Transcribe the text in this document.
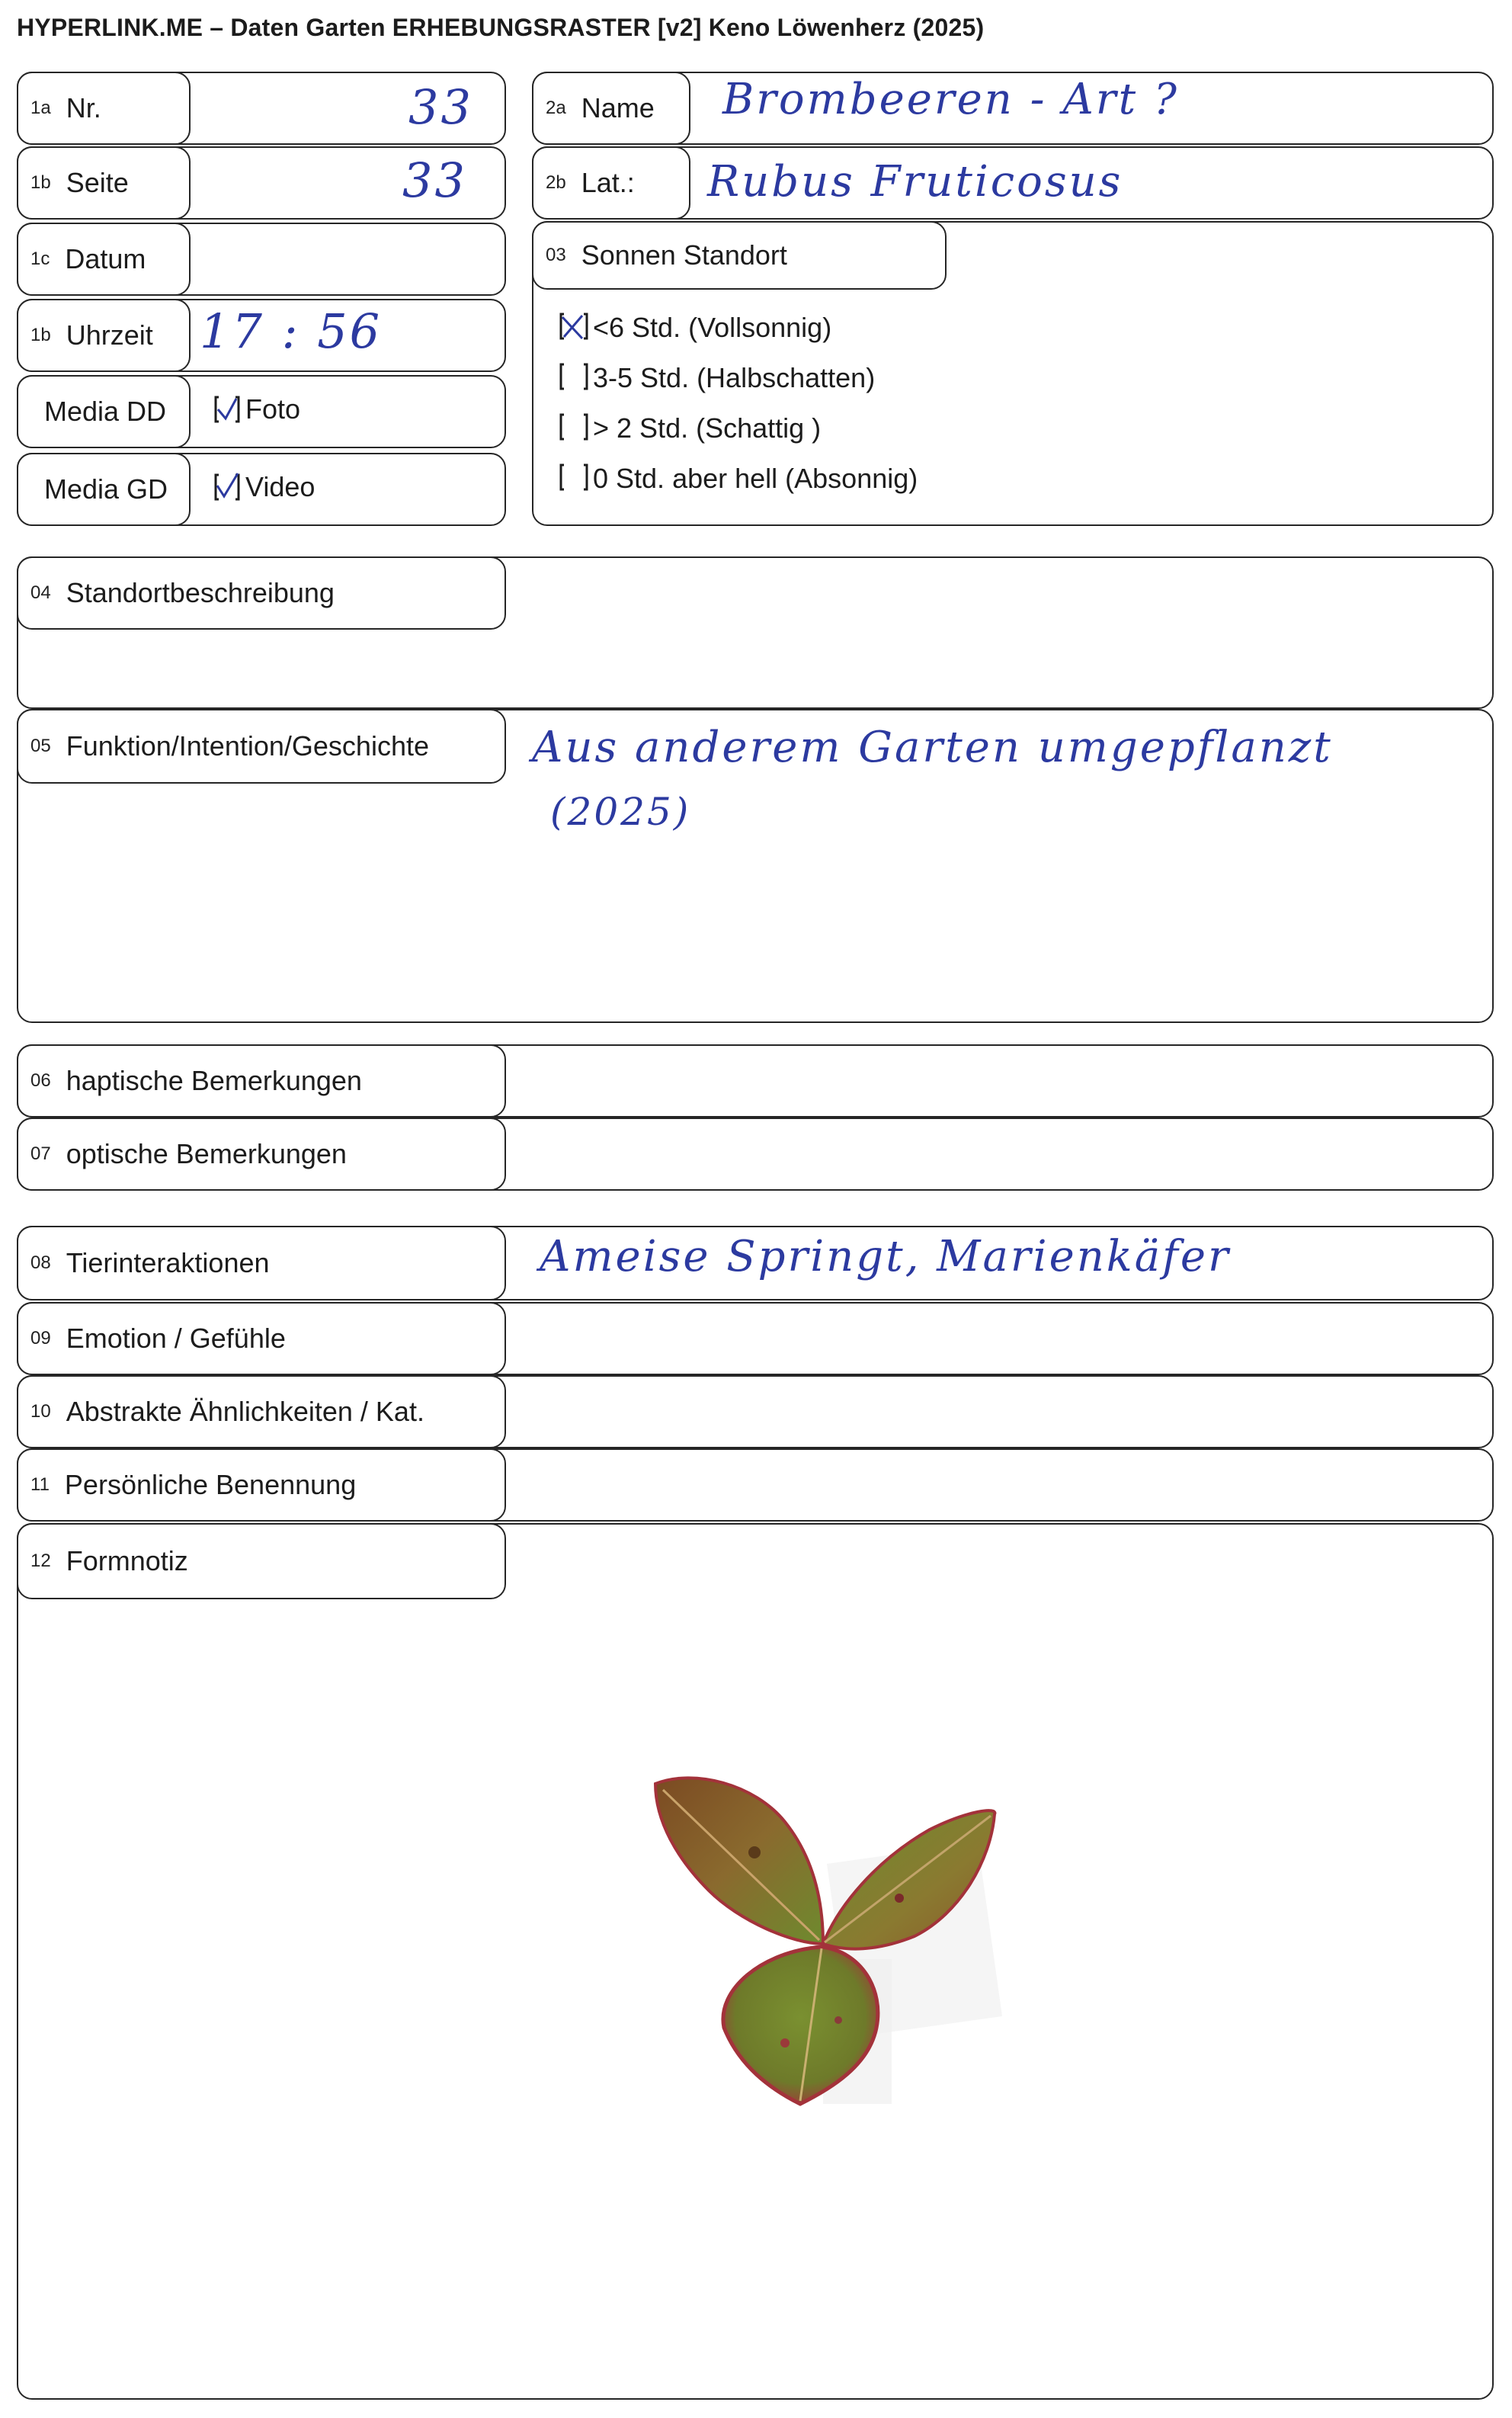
HYPERLINK.ME – Daten Garten ERHEBUNGSRASTER [v2] Keno Löwenherz (2025)
1a Nr.	33
1b Seite	33
1c Datum
1b Uhrzeit 17 : 56
Media DD	Foto
Media GD	Video
2a Name Brombeeren - Art ?
2b Lat.: Rubus Fruticosus
03 Sonnen Standort
<6 Std. (Vollsonnig)
3-5 Std. (Halbschatten)
> 2 Std. (Schattig )
0 Std. aber hell (Absonnig)
04 Standortbeschreibung
05 Funktion/Intention/Geschichte Aus anderem Garten umgepflanzt
(2025)
06 haptische Bemerkungen
07 optische Bemerkungen
08 Tierinteraktionen	Ameise Springt, Marienkäfer
09 Emotion / Gefühle
10 Abstrakte Ähnlichkeiten / Kat.
11 Persönliche Benennung
12 Formnotiz
